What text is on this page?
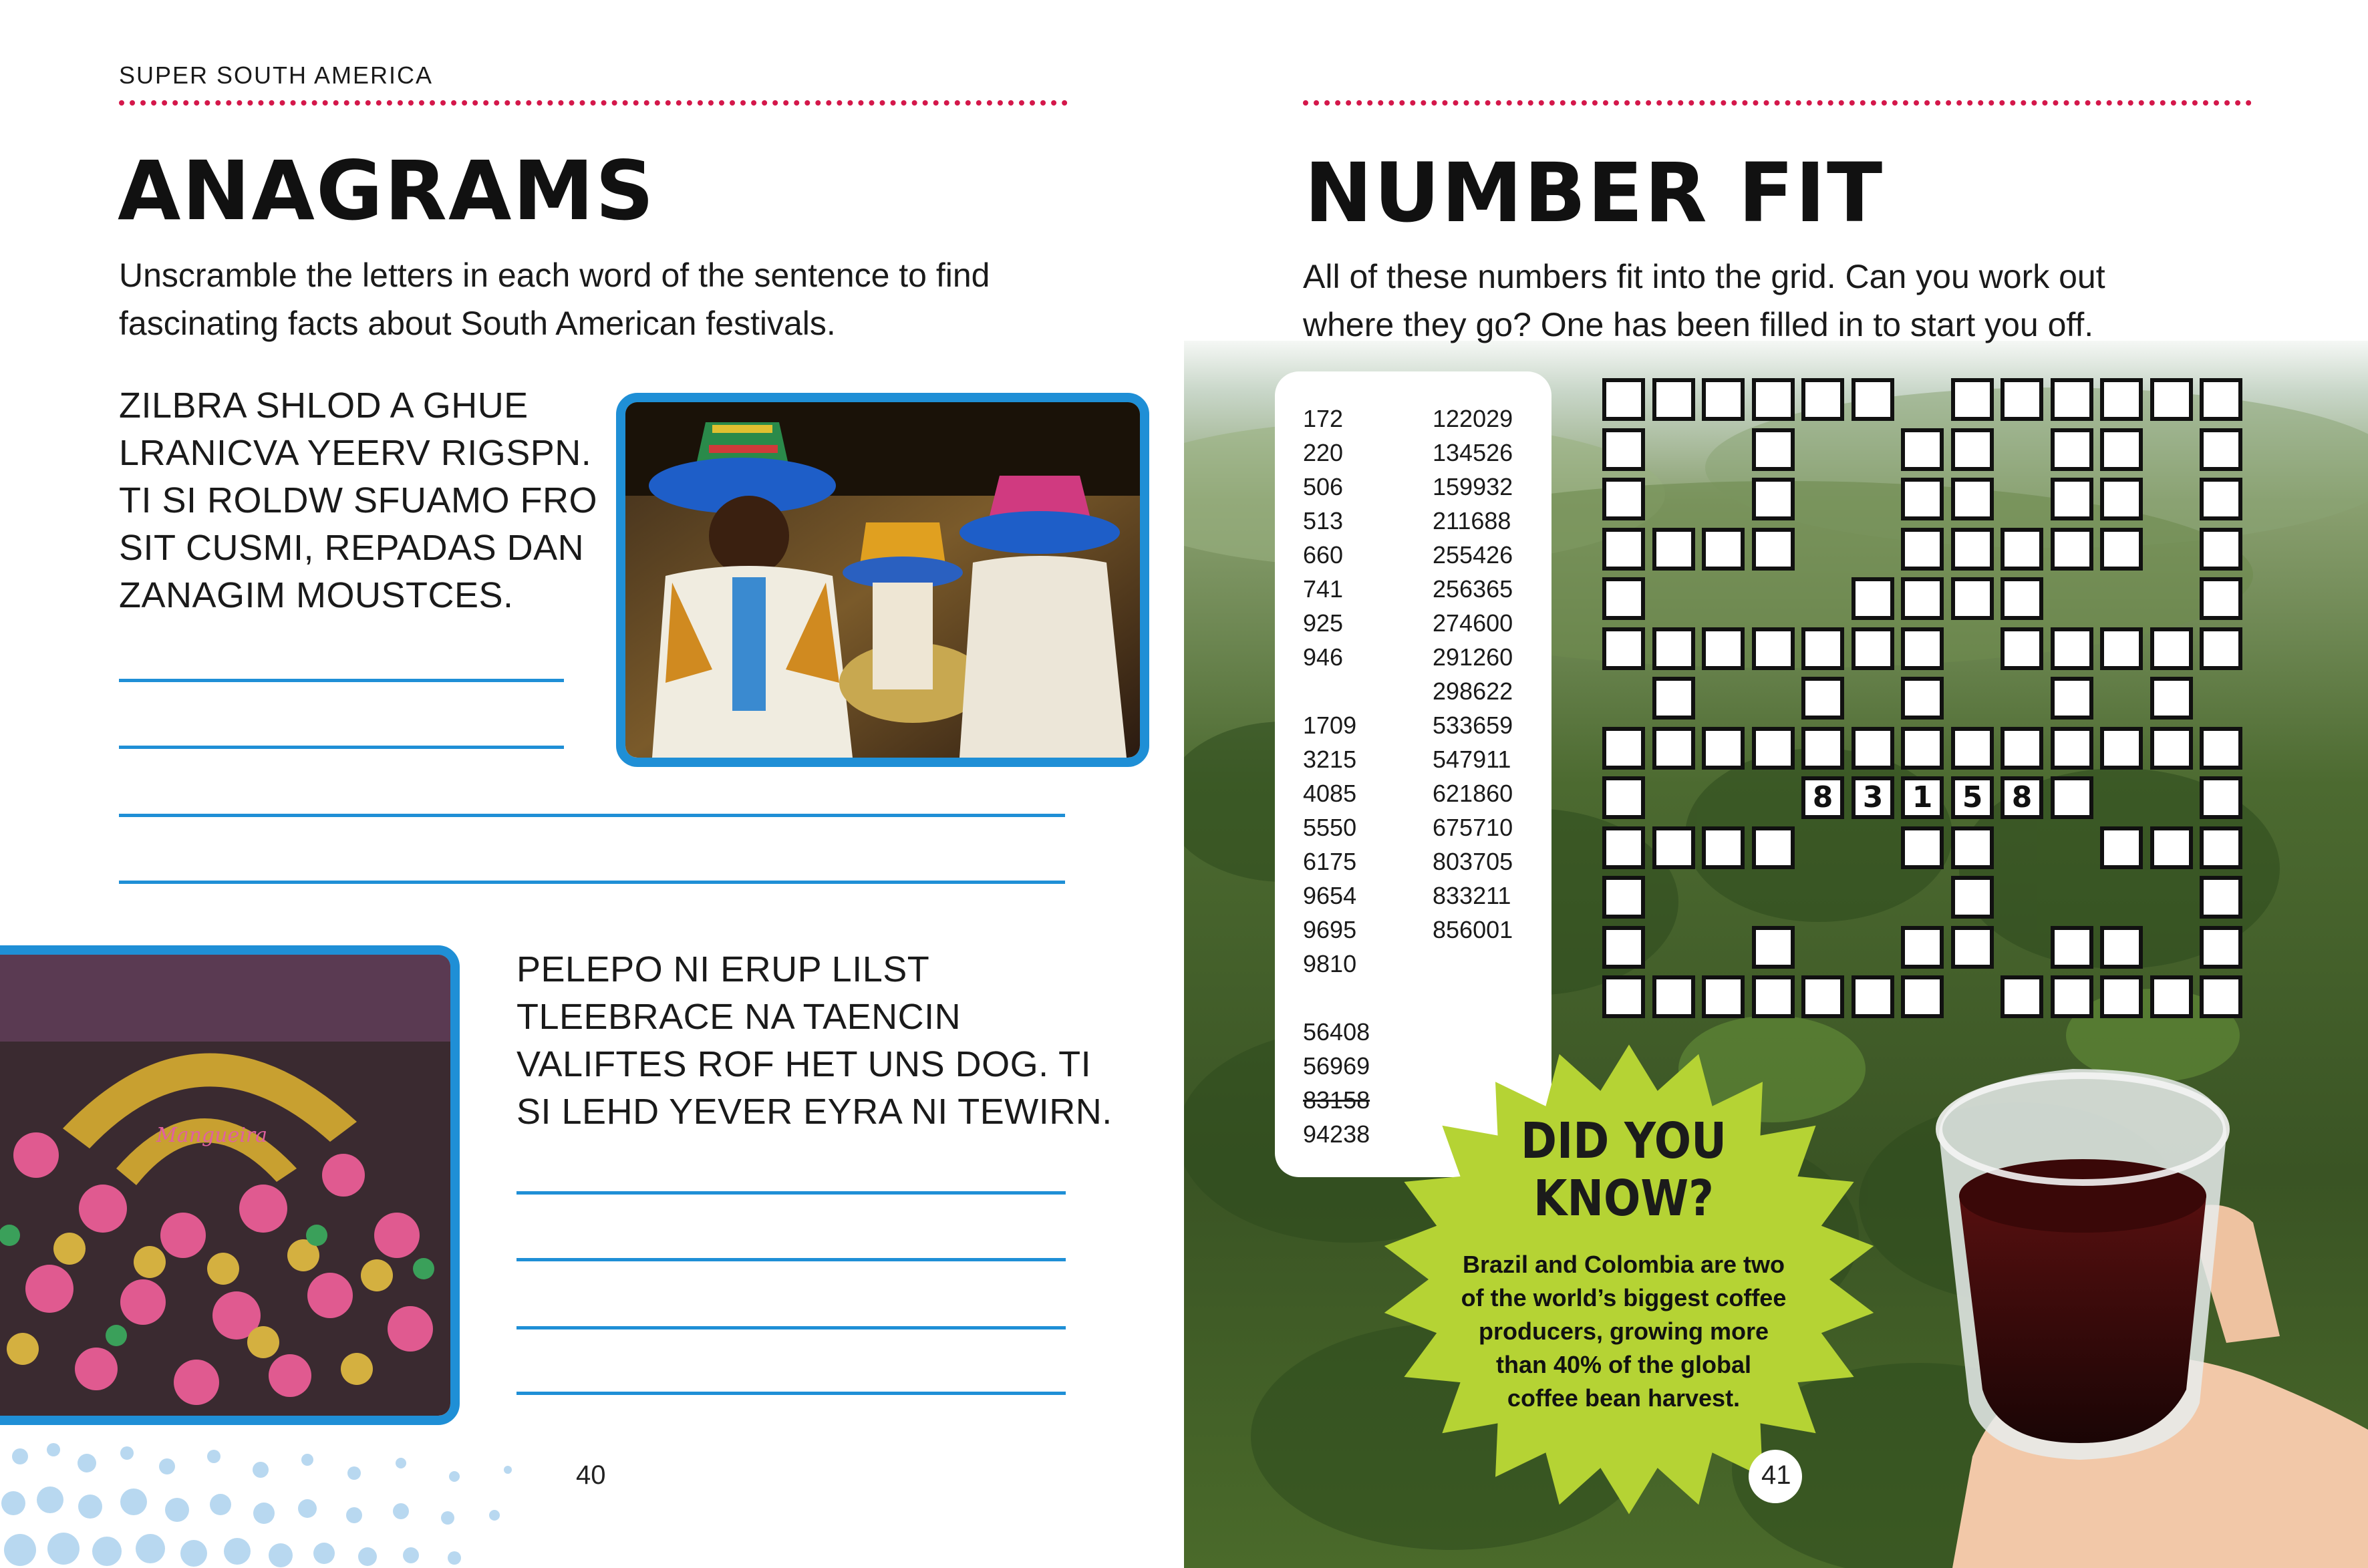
SUPER SOUTH AMERICA
ANAGRAMS
Unscramble the letters in each word of the sentence to find
fascinating facts about South American festivals.
ZILBRA SHLOD A GHUE
LRANICVA YEERV RIGSPN.
TI SI ROLDW SFUAMO FRO
SIT CUSMI, REPADAS DAN
ZANAGIM MOUSTCES.
Mangueira
PELEPO NI ERUP LILST
TLEEBRACE NA TAENCIN
VALIFTES ROF HET UNS DOG. TI
SI LEHD YEVER EYRA NI TEWIRN.
40
NUMBER FIT
All of these numbers fit into the grid. Can you work out
where they go? One has been filled in to start you off.
172
220
506
513
660
741
925
946
1709
3215
4085
5550
6175
9654
9695
9810
56408
56969
83158
94238
122029
134526
159932
211688
255426
256365
274600
291260
298622
533659
547911
621860
675710
803705
833211
856001
DID YOU
KNOW?
Brazil and Colombia are two
of the world’s biggest coffee
producers, growing more
than 40% of the global
coffee bean harvest.
41
8	3 1	5 8
